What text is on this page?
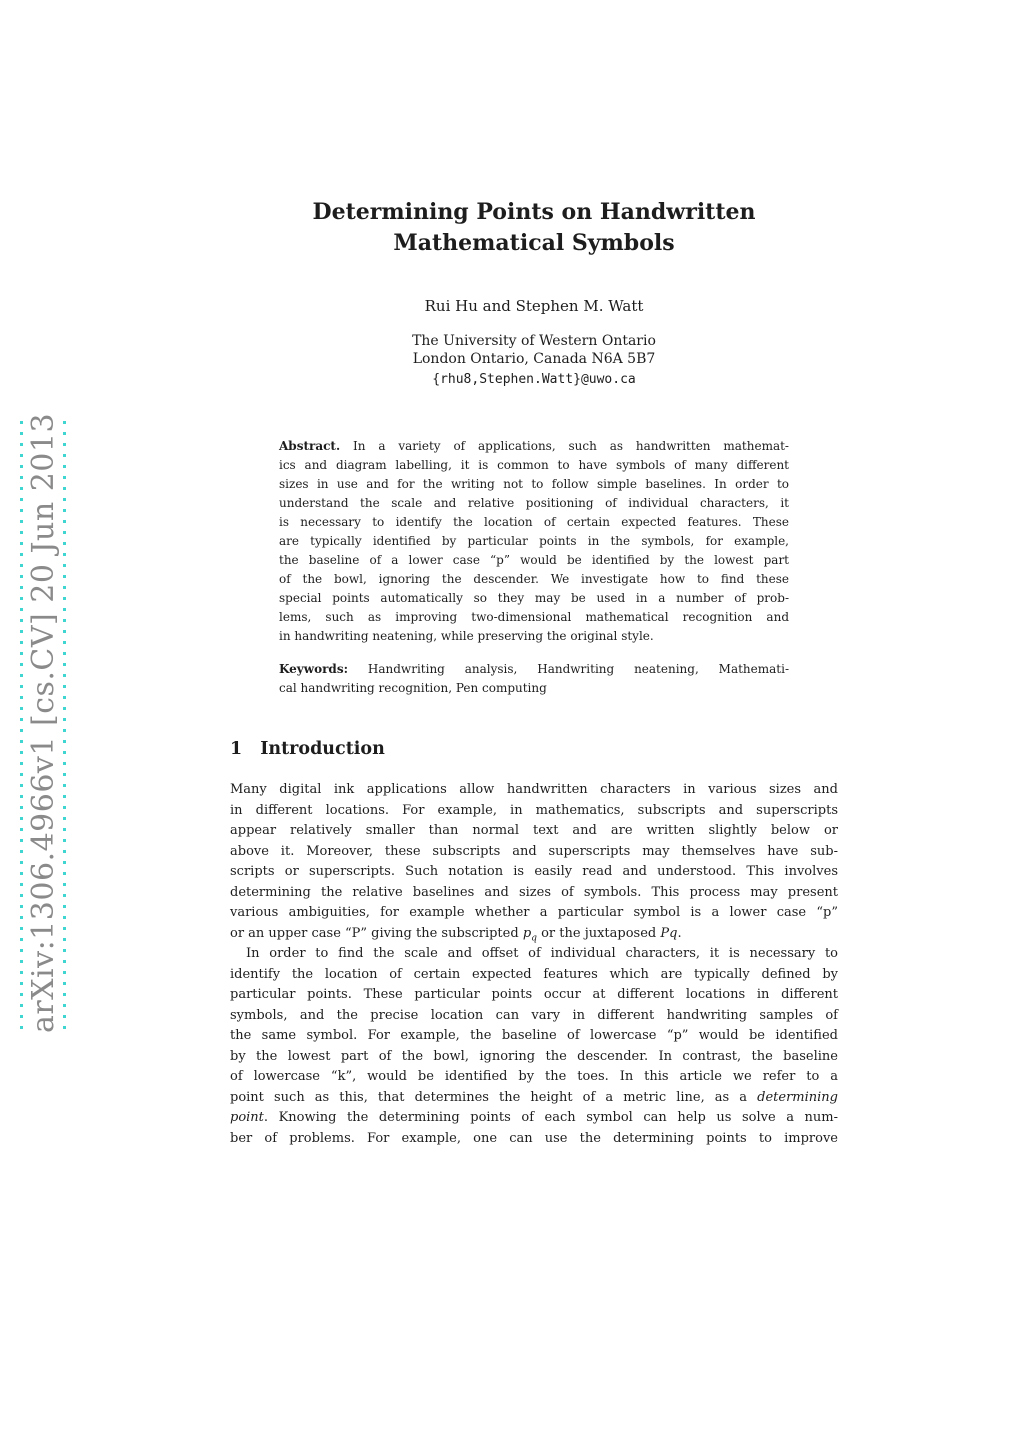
arXiv:1306.4966v1 [cs.CV] 20 Jun 2013
Determining Points on Handwritten
Mathematical Symbols
Rui Hu and Stephen M. Watt
The University of Western Ontario
London Ontario, Canada N6A 5B7
{rhu8,Stephen.Watt}@uwo.ca
Abstract. In a variety of applications, such as handwritten mathemat-
ics and diagram labelling, it is common to have symbols of many different
sizes in use and for the writing not to follow simple baselines. In order to
understand the scale and relative positioning of individual characters, it
is necessary to identify the location of certain expected features. These
are typically identified by particular points in the symbols, for example,
the baseline of a lower case “p” would be identified by the lowest part
of the bowl, ignoring the descender. We investigate how to find these
special points automatically so they may be used in a number of prob-
lems, such as improving two-dimensional mathematical recognition and
in handwriting neatening, while preserving the original style.
Keywords: Handwriting analysis, Handwriting neatening, Mathemati-
cal handwriting recognition, Pen computing
1 Introduction
Many digital ink applications allow handwritten characters in various sizes and
in different locations. For example, in mathematics, subscripts and superscripts
appear relatively smaller than normal text and are written slightly below or
above it. Moreover, these subscripts and superscripts may themselves have sub-
scripts or superscripts. Such notation is easily read and understood. This involves
determining the relative baselines and sizes of symbols. This process may present
various ambiguities, for example whether a particular symbol is a lower case “p”
or an upper case “P” giving the subscripted $p_q$ or the juxtaposed Pq.
In order to find the scale and offset of individual characters, it is necessary to
identify the location of certain expected features which are typically defined by
particular points. These particular points occur at different locations in different
symbols, and the precise location can vary in different handwriting samples of
the same symbol. For example, the baseline of lowercase “p” would be identified
by the lowest part of the bowl, ignoring the descender. In contrast, the baseline
of lowercase “k”, would be identified by the toes. In this article we refer to a
point such as this, that determines the height of a metric line, as a determining
point. Knowing the determining points of each symbol can help us solve a num-
ber of problems. For example, one can use the determining points to improve
